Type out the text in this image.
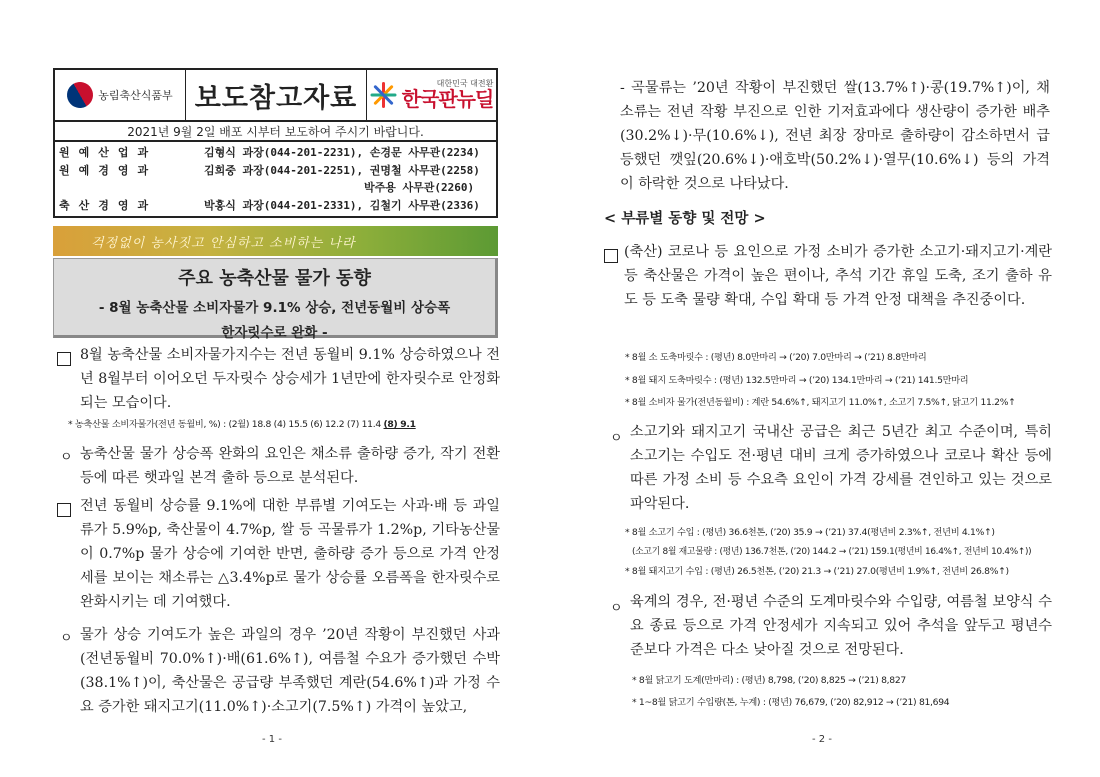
농림축산식품부 보도참고자료	대한민국 대전환
한국판뉴딜
2021년 9월 2일 배포 시부터 보도하여 주시기 바랍니다.
원예산업과	김형식 과장(044-201-2231), 손경문 사무관(2234)
원예경영과	김희중 과장(044-201-2251), 권명철 사무관(2258)
박주용 사무관(2260)
축산경영과	박홍식 과장(044-201-2331), 김철기 사무관(2336)
걱정없이 농사짓고 안심하고 소비하는 나라
주요 농축산물 물가 동향
- 8월 농축산물 소비자물가 9.1% 상승, 전년동월비 상승폭
한자릿수로 완화 -
8월 농축산물 소비자물가지수는 전년 동월비 9.1% 상승하였으나 전년 8월부터 이어오던 두자릿수 상승세가 1년만에 한자릿수로 안정화되는 모습이다.
* 농축산물 소비자물가(전년 동월비, %) : (2월) 18.8 (4) 15.5 (6) 12.2 (7) 11.4 (8) 9.1
ㅇ 농축산물 물가 상승폭 완화의 요인은 채소류 출하량 증가, 작기 전환 등에 따른 햇과일 본격 출하 등으로 분석된다.
전년 동월비 상승률 9.1%에 대한 부류별 기여도는 사과·배 등 과일류가 5.9%p, 축산물이 4.7%p, 쌀 등 곡물류가 1.2%p, 기타농산물이 0.7%p 물가 상승에 기여한 반면, 출하량 증가 등으로 가격 안정세를 보이는 채소류는 △3.4%p로 물가 상승률 오름폭을 한자릿수로 완화시키는 데 기여했다.
ㅇ 물가 상승 기여도가 높은 과일의 경우 ’20년 작황이 부진했던 사과(전년동월비 70.0%↑)·배(61.6%↑), 여름철 수요가 증가했던 수박(38.1%↑)이, 축산물은 공급량 부족했던 계란(54.6%↑)과 가정 수요 증가한 돼지고기(11.0%↑)·소고기(7.5%↑) 가격이 높았고,
- 1 -
- 곡물류는 ’20년 작황이 부진했던 쌀(13.7%↑)·콩(19.7%↑)이, 채소류는 전년 작황 부진으로 인한 기저효과에다 생산량이 증가한 배추(30.2%↓)·무(10.6%↓), 전년 최장 장마로 출하량이 감소하면서 급등했던 깻잎(20.6%↓)·애호박(50.2%↓)·열무(10.6%↓) 등의 가격이 하락한 것으로 나타났다.
< 부류별 동향 및 전망 >
(축산) 코로나 등 요인으로 가정 소비가 증가한 소고기·돼지고기·계란 등 축산물은 가격이 높은 편이나, 추석 기간 휴일 도축, 조기 출하 유도 등 도축 물량 확대, 수입 확대 등 가격 안정 대책을 추진중이다.
* 8월 소 도축마릿수 : (평년) 8.0만마리 → (’20) 7.0만마리 → (’21) 8.8만마리
* 8월 돼지 도축마릿수 : (평년) 132.5만마리 → (’20) 134.1만마리 → (’21) 141.5만마리
* 8월 소비자 물가(전년동월비) : 계란 54.6%↑, 돼지고기 11.0%↑, 소고기 7.5%↑, 닭고기 11.2%↑
ㅇ 소고기와 돼지고기 국내산 공급은 최근 5년간 최고 수준이며, 특히 소고기는 수입도 전·평년 대비 크게 증가하였으나 코로나 확산 등에 따른 가정 소비 등 수요측 요인이 가격 강세를 견인하고 있는 것으로 파악된다.
* 8월 소고기 수입 : (평년) 36.6천톤, (’20) 35.9 → (’21) 37.4(평년비 2.3%↑, 전년비 4.1%↑)
(소고기 8월 재고물량 : (평년) 136.7천톤, (’20) 144.2 → (’21) 159.1(평년비 16.4%↑, 전년비 10.4%↑))
* 8월 돼지고기 수입 : (평년) 26.5천톤, (’20) 21.3 → (’21) 27.0(평년비 1.9%↑, 전년비 26.8%↑)
ㅇ 육계의 경우, 전·평년 수준의 도계마릿수와 수입량, 여름철 보양식 수요 종료 등으로 가격 안정세가 지속되고 있어 추석을 앞두고 평년수준보다 가격은 다소 낮아질 것으로 전망된다.
* 8월 닭고기 도계(만마리) : (평년) 8,798, (’20) 8,825 → (’21) 8,827
* 1~8월 닭고기 수입량(톤, 누계) : (평년) 76,679, (’20) 82,912 → (’21) 81,694
- 2 -
